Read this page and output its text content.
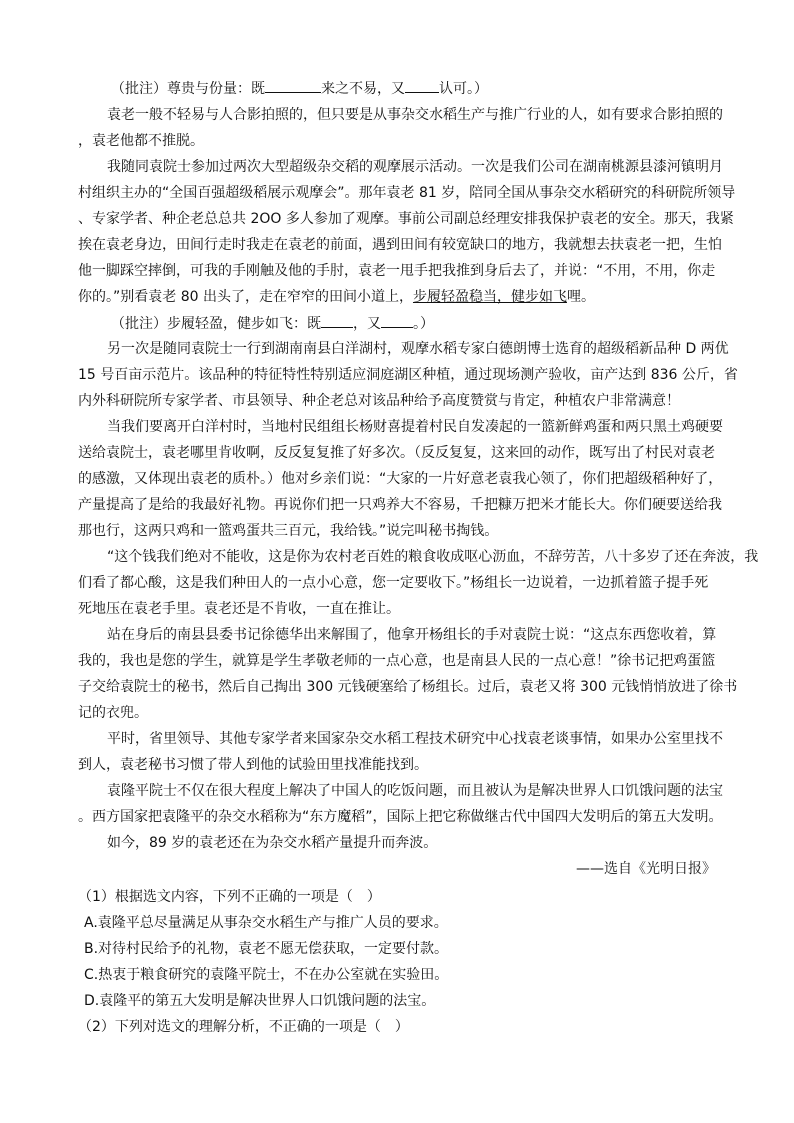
（批注）尊贵与份量：既	来之不易，又 认可。）
袁老一般不轻易与人合影拍照的，但只要是从事杂交水稻生产与推广行业的人，如有要求合影拍照的
，袁老他都不推脱。
我随同袁院士参加过两次大型超级杂交稻的观摩展示活动。一次是我们公司在湖南桃源县漆河镇明月
村组织主办的“全国百强超级稻展示观摩会”。那年袁老 81 岁，陪同全国从事杂交水稻研究的科研院所领导
、专家学者、种企老总总共 2OO 多人参加了观摩。事前公司副总经理安排我保护袁老的安全。那天，我紧
挨在袁老身边，田间行走时我走在袁老的前面，遇到田间有较宽缺口的地方，我就想去扶袁老一把，生怕
他一脚踩空摔倒，可我的手刚触及他的手肘，袁老一甩手把我推到身后去了，并说：“不用，不用，你走
你的。”别看袁老 80 出头了，走在窄窄的田间小道上，步履轻盈稳当，健步如飞哩。
（批注）步履轻盈，健步如飞：既 ，又 。）
另一次是随同袁院士一行到湖南南县白洋湖村，观摩水稻专家白德朗博士选育的超级稻新品种 D 两优
15 号百亩示范片。该品种的特征特性特别适应洞庭湖区种植，通过现场测产验收，亩产达到 836 公斤，省
内外科研院所专家学者、市县领导、种企老总对该品种给予高度赞赏与肯定，种植农户非常满意！
当我们要离开白洋村时，当地村民组组长杨财喜提着村民自发凑起的一篮新鲜鸡蛋和两只黑土鸡硬要
送给袁院士，袁老哪里肯收啊，反反复复推了好多次。（反反复复，这来回的动作，既写出了村民对袁老
的感激，又体现出袁老的质朴。）他对乡亲们说：“大家的一片好意老袁我心领了，你们把超级稻种好了，
产量提高了是给的我最好礼物。再说你们把一只鸡养大不容易，千把糠万把米才能长大。你们硬要送给我
那也行，这两只鸡和一篮鸡蛋共三百元，我给钱。”说完叫秘书掏钱。
“这个钱我们绝对不能收，这是你为农村老百姓的粮食收成呕心沥血，不辞劳苦，八十多岁了还在奔波，我
们看了都心酸，这是我们种田人的一点小心意，您一定要收下。”杨组长一边说着，一边抓着篮子提手死
死地压在袁老手里。袁老还是不肯收，一直在推让。
站在身后的南县县委书记徐德华出来解围了，他拿开杨组长的手对袁院士说：“这点东西您收着，算
我的，我也是您的学生，就算是学生孝敬老师的一点心意，也是南县人民的一点心意！”徐书记把鸡蛋篮
子交给袁院士的秘书，然后自己掏出 300 元钱硬塞给了杨组长。过后，袁老又将 300 元钱悄悄放进了徐书
记的衣兜。
平时，省里领导、其他专家学者来国家杂交水稻工程技术研究中心找袁老谈事情，如果办公室里找不
到人，袁老秘书习惯了带人到他的试验田里找准能找到。
袁隆平院士不仅在很大程度上解决了中国人的吃饭问题，而且被认为是解决世界人口饥饿问题的法宝
。西方国家把袁隆平的杂交水稻称为“东方魔稻”，国际上把它称做继古代中国四大发明后的第五大发明。
如今，89 岁的袁老还在为杂交水稻产量提升而奔波。
——选自《光明日报》
（1）根据选文内容，下列不正确的一项是（　）
A.袁隆平总尽量满足从事杂交水稻生产与推广人员的要求。
B.对待村民给予的礼物，袁老不愿无偿获取，一定要付款。
C.热衷于粮食研究的袁隆平院士，不在办公室就在实验田。
D.袁隆平的第五大发明是解决世界人口饥饿问题的法宝。
（2）下列对选文的理解分析，不正确的一项是（　）
